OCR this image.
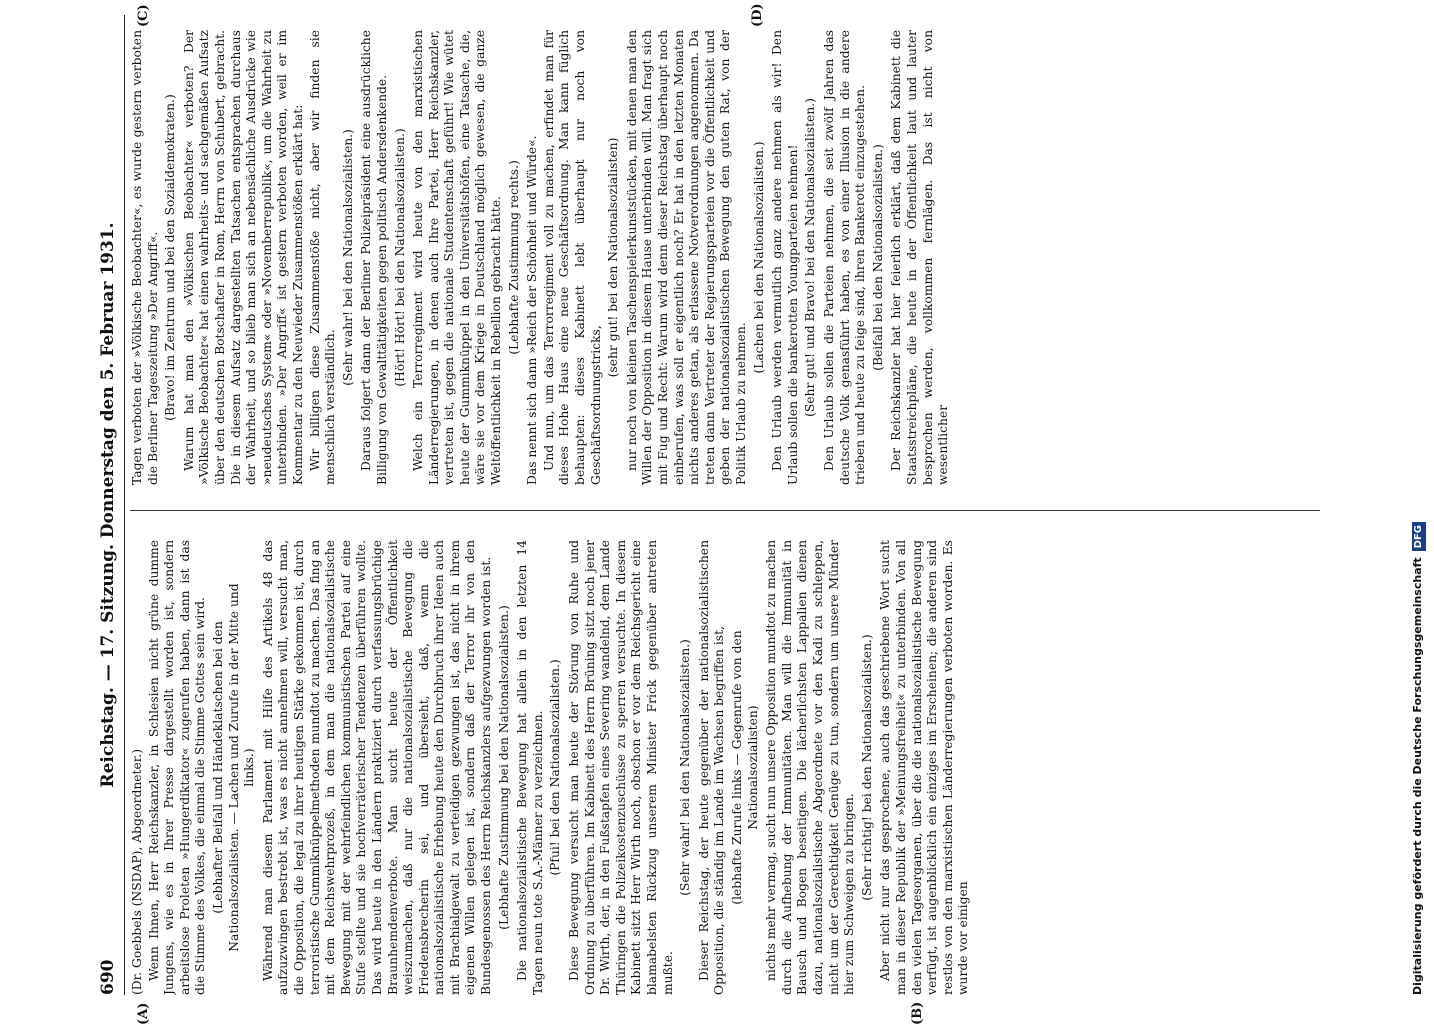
690
Reichstag. — 17. Sitzung. Donnerstag den 5. Februar 1931.
(A)	(B)
(C)	(D)

(Dr. Goebbels (NSDAP), Abgeordneter.) Wenn Ihnen, Herr Reichskanzler, in Schlesien nicht grüne dumme Jungens, wie es in Ihrer Presse dargestellt worden ist, sondern arbeitslose Proleten »Hungerdiktator« zugerufen haben, dann ist das die Stimme des Volkes, die einmal die Stimme Gottes sein wird. (Lebhafter Beifall und Händeklatschen bei den Nationalsozialisten. — Lachen und Zurufe in der Mitte und links.) Während man diesem Parlament mit Hilfe des Artikels 48 das aufzuzwingen bestrebt ist, was es nicht annehmen will, versucht man, die Opposition, die legal zu ihrer heutigen Stärke gekommen ist, durch terroristische Gummiknüppelmethoden mundtot zu machen. Das fing an mit dem Reichswehrprozeß, in dem man die nationalsozialistische Bewegung mit der wehrfeindlichen kommunistischen Partei auf eine Stufe stellte und sie hochverräterischer Tendenzen überführen wollte. Das wird heute in den Ländern praktiziert durch verfassungsbrüchige Braunhemdenverbote. Man sucht heute der Öffentlichkeit weiszumachen, daß nur die nationalsozialistische Bewegung die Friedensbrecherin sei, und übersieht, daß, wenn die nationalsozialistische Erhebung heute den Durchbruch ihrer Ideen auch mit Brachialgewalt zu verteidigen gezwungen ist, das nicht in ihrem eigenen Willen gelegen ist, sondern daß der Terror ihr von den Bundesgenossen des Herrn Reichskanzlers aufgezwungen worden ist. (Lebhafte Zustimmung bei den Nationalsozialisten.) Die nationalsozialistische Bewegung hat allein in den letzten 14 Tagen neun tote S.A.-Männer zu verzeichnen. (Pfui! bei den Nationalsozialisten.) Diese Bewegung versucht man heute der Störung von Ruhe und Ordnung zu überführen. Im Kabinett des Herrn Brüning sitzt noch jener Dr. Wirth, der, in den Fußstapfen eines Severing wandelnd, dem Lande Thüringen die Polizeikostenzuschüsse zu sperren versuchte. In diesem Kabinett sitzt Herr Wirth noch, obschon er vor dem Reichsgericht eine blamabelsten Rückzug unserem Minister Frick gegenüber antreten mußte.

(Sehr wahr! bei den Nationalsozialisten.) Dieser Reichstag, der heute gegenüber der nationalsozialistischen Opposition, die ständig im Lande im Wachsen begriffen ist, (lebhafte Zurufe links — Gegenrufe von den Nationalsozialisten) nichts mehr vermag, sucht nun unsere Opposition mundtot zu machen durch die Aufhebung der Immunitäten. Man will die Immunität in Bausch und Bogen beseitigen. Die lächerlichsten Lappalien dienen dazu, nationalsozialistische Abgeordnete vor den Kadi zu schleppen, nicht um der Gerechtigkeit Genüge zu tun, sondern um unsere Münder hier zum Schweigen zu bringen. (Sehr richtig! bei den Nationalsozialisten.) Aber nicht nur das gesprochene, auch das geschriebene Wort sucht man in dieser Republik der »Meinungsfreiheit« zu unterbinden. Von all den vielen Tagesorganen, über die die nationalsozialistische Bewegung verfügt, ist augenblicklich ein einziges im Erscheinen; die anderen sind restlos von den marxistischen Länderregierungen verboten worden. Es wurde vor einigen

Tagen verboten der »Völkische Beobachter«, es wurde gestern verboten die Berliner Tageszeitung »Der Angriff«. (Bravo! im Zentrum und bei den Sozialdemokraten.) Warum hat man den »Völkischen Beobachter« verboten? Der »Völkische Beobachter« hat einen wahrheits- und sachgemäßen Aufsatz über den deutschen Botschafter in Rom, Herrn von Schubert, gebracht. Die in diesem Aufsatz dargestellten Tatsachen entsprachen durchaus der Wahrheit, und so blieb man sich an nebensächliche Ausdrücke wie »neudeutsches System« oder »Novemberrepublik«, um die Wahrheit zu unterbinden. »Der Angriff« ist gestern verboten worden, weil er im Kommentar zu den Neuwieder Zusammenstößen erklärt hat: Wir billigen diese Zusammenstöße nicht, aber wir finden sie menschlich verständlich.

(Sehr wahr! bei den Nationalsozialisten.) Daraus folgert dann der Berliner Polizeipräsident eine ausdrückliche Billigung von Gewalttätigkeiten gegen politisch Andersdenkende. (Hört! Hört! bei den Nationalsozialisten.) Welch ein Terrorregiment wird heute von den marxistischen Länderregierungen, in denen auch Ihre Partei, Herr Reichskanzler, vertreten ist, gegen die nationale Studentenschaft geführt! Wie wütet heute der Gummiknüppel in den Universitätshöfen, eine Tatsache, die, wäre sie vor dem Kriege in Deutschland möglich gewesen, die ganze Weltöffentlichkeit in Rebellion gebracht hätte. (Lebhafte Zustimmung rechts.) Das nennt sich dann »Reich der Schönheit und Würde«. Und nun, um das Terrorregiment voll zu machen, erfindet man für dieses Hohe Haus eine neue Geschäftsordnung. Man kann füglich behaupten: dieses Kabinett lebt überhaupt nur noch von Geschäftsordnungstricks,

(sehr gut! bei den Nationalsozialisten) nur noch von kleinen Taschenspielerkunststücken, mit denen man den Willen der Opposition in diesem Hause unterbinden will. Man fragt sich mit Fug und Recht: Warum wird denn dieser Reichstag überhaupt noch einberufen, was soll er eigentlich noch? Er hat in den letzten Monaten nichts anderes getan, als erlassene Notverordnungen angenommen. Da treten dann Vertreter der Regierungsparteien vor die Öffentlichkeit und geben der nationalsozialistischen Bewegung den guten Rat, von der Politik Urlaub zu nehmen.

(Lachen bei den Nationalsozialisten.) Den Urlaub werden vermutlich ganz andere nehmen als wir! Den Urlaub sollen die bankerotten Youngparteien nehmen! (Sehr gut! und Bravo! bei den Nationalsozialisten.) Den Urlaub sollen die Parteien nehmen, die seit zwölf Jahren das deutsche Volk genasführt haben, es von einer Illusion in die andere trieben und heute zu feige sind, ihren Bankerott einzugestehen. (Beifall bei den Nationalsozialisten.) Der Reichskanzler hat hier feierlich erklärt, daß dem Kabinett die Staatsstreichpläne, die heute in der Öffentlichkeit laut und lauter besprochen werden, vollkommen fernlägen. Das ist nicht von wesentlicher

Digitalisierung gefördert durch die Deutsche ForschungsgemeinschaftDFG
